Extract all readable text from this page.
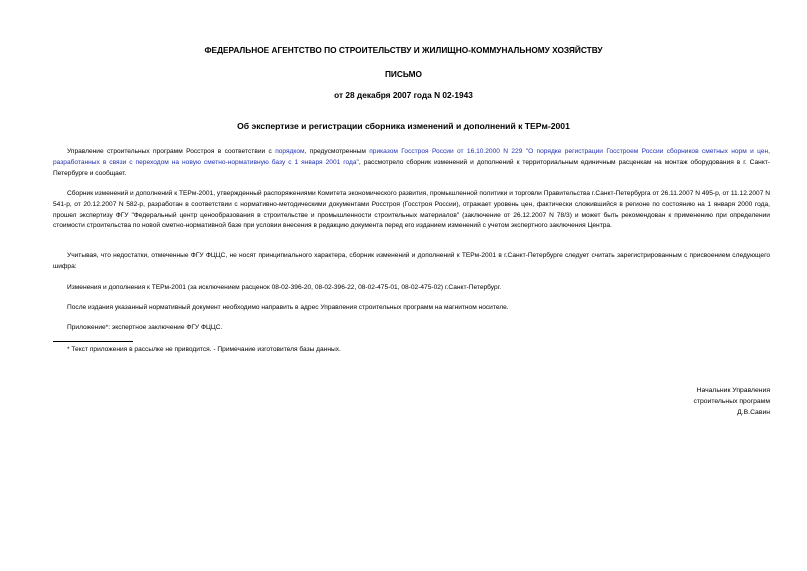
ФЕДЕРАЛЬНОЕ АГЕНТСТВО ПО СТРОИТЕЛЬСТВУ И ЖИЛИЩНО-КОММУНАЛЬНОМУ ХОЗЯЙСТВУ
ПИСЬМО
от 28 декабря 2007 года N 02-1943
Об экспертизе и регистрации сборника изменений и дополнений к ТЕРм-2001
Управление строительных программ Росстроя в соответствии с порядком, предусмотренным приказом Госстроя России от 16.10.2000 N 229 "О порядке регистрации Госстроем России сборников сметных норм и цен, разработанных в связи с переходом на новую сметно-нормативную базу с 1 января 2001 года", рассмотрело сборник изменений и дополнений к территориальным единичным расценкам на монтаж оборудования в г. Санкт-Петербурге и сообщает.
Сборник изменений и дополнений к ТЕРм-2001, утвержденный распоряжениями Комитета экономического развития, промышленной политики и торговли Правительства г.Санкт-Петербурга от 26.11.2007 N 495-р, от 11.12.2007 N 541-р, от 20.12.2007 N 582-р, разработан в соответствии с нормативно-методическими документами Росстроя (Госстроя России), отражает уровень цен, фактически сложившийся в регионе по состоянию на 1 января 2000 года, прошел экспертизу ФГУ "Федеральный центр ценообразования в строительстве и промышленности строительных материалов" (заключение от 26.12.2007 N 78/3) и может быть рекомендован к применению при определении стоимости строительства по новой сметно-нормативной базе при условии внесения в редакцию документа перед его изданием изменений с учетом экспертного заключения Центра.
Учитывая, что недостатки, отмеченные ФГУ ФЦЦС, не носят принципиального характера, сборник изменений и дополнений к ТЕРм-2001 в г.Санкт-Петербурге следует считать зарегистрированным с присвоением следующего шифра:
Изменения и дополнения к ТЕРм-2001 (за исключением расценок 08-02-396-20, 08-02-396-22, 08-02-475-01, 08-02-475-02) г.Санкт-Петербург.
После издания указанный нормативный документ необходимо направить в адрес Управления строительных программ на магнитном носителе.
Приложение*: экспертное заключение ФГУ ФЦЦС.
* Текст приложения в рассылке не приводится. - Примечание изготовителя базы данных.
Начальник Управления
строительных программ
Д.В.Савин
